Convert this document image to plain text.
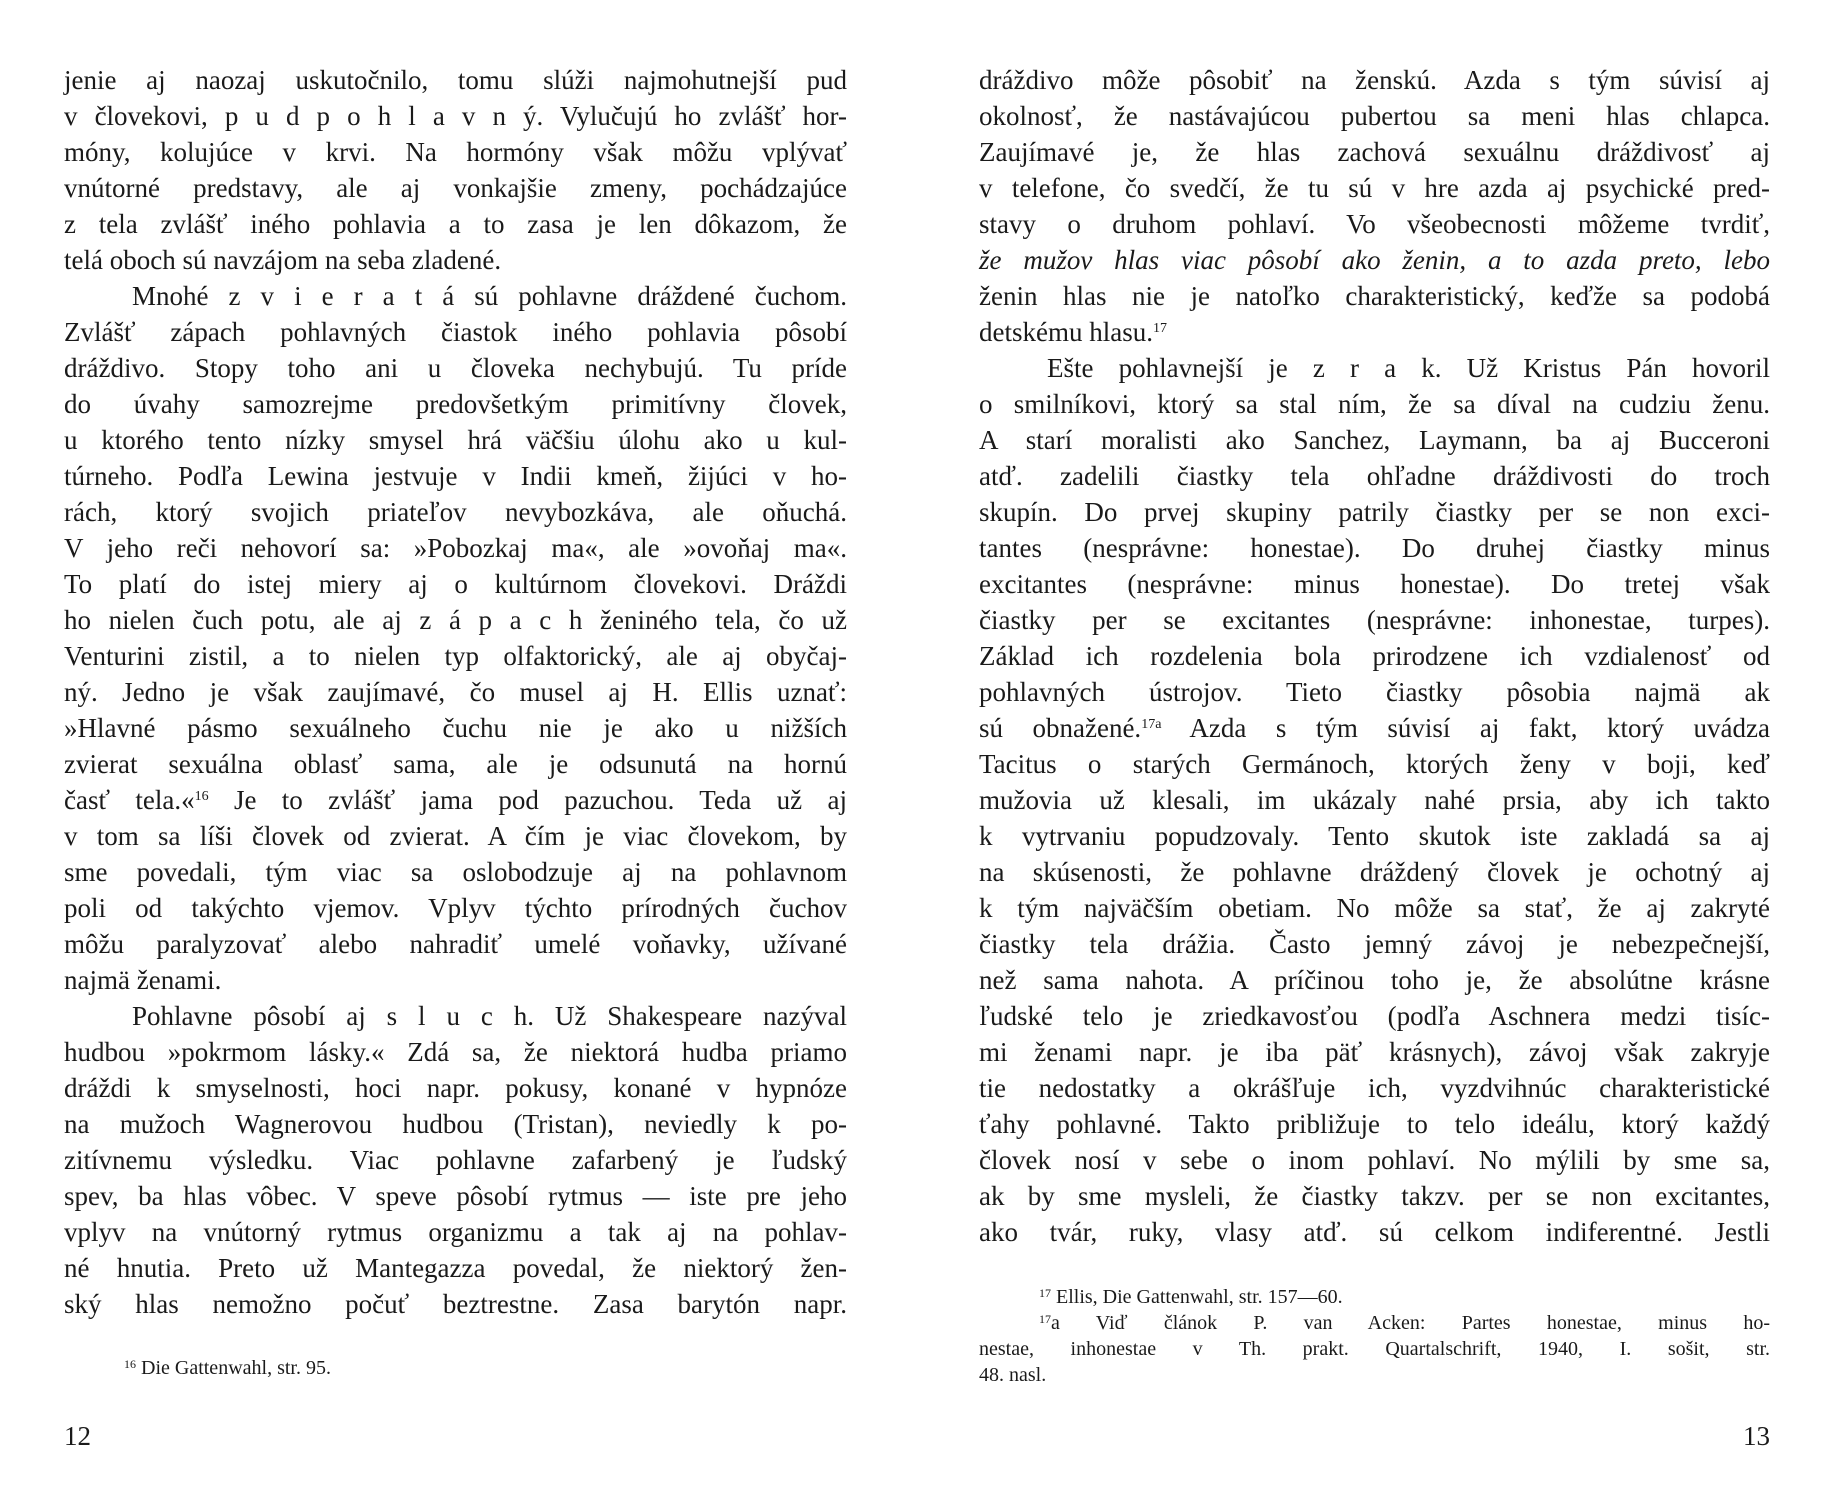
jenie aj naozaj uskutočnilo, tomu slúži najmohutnejší pud
v človekovi, p u d p o h l a v n ý. Vylučujú ho zvlášť hor-
móny, kolujúce v krvi. Na hormóny však môžu vplývať
vnútorné predstavy, ale aj vonkajšie zmeny, pochádzajúce
z tela zvlášť iného pohlavia a to zasa je len dôkazom, že
telá oboch sú navzájom na seba zladené.
Mnohé z v i e r a t á sú pohlavne dráždené čuchom.
Zvlášť zápach pohlavných čiastok iného pohlavia pôsobí
dráždivo. Stopy toho ani u človeka nechybujú. Tu príde
do úvahy samozrejme predovšetkým primitívny človek,
u ktorého tento nízky smysel hrá väčšiu úlohu ako u kul-
túrneho. Podľa Lewina jestvuje v Indii kmeň, žijúci v ho-
rách, ktorý svojich priateľov nevybozkáva, ale oňuchá.
V jeho reči nehovorí sa: »Pobozkaj ma«, ale »ovoňaj ma«.
To platí do istej miery aj o kultúrnom človekovi. Dráždi
ho nielen čuch potu, ale aj z á p a c h ženiného tela, čo už
Venturini zistil, a to nielen typ olfaktorický, ale aj obyčaj-
ný. Jedno je však zaujímavé, čo musel aj H. Ellis uznať:
»Hlavné pásmo sexuálneho čuchu nie je ako u nižších
zvierat sexuálna oblasť sama, ale je odsunutá na hornú
časť tela.«$^{16}$ Je to zvlášť jama pod pazuchou. Teda už aj
v tom sa líši človek od zvierat. A čím je viac človekom, by
sme povedali, tým viac sa oslobodzuje aj na pohlavnom
poli od takýchto vjemov. Vplyv týchto prírodných čuchov
môžu paralyzovať alebo nahradiť umelé voňavky, užívané
najmä ženami.
Pohlavne pôsobí aj s l u c h. Už Shakespeare nazýval
hudbou »pokrmom lásky.« Zdá sa, že niektorá hudba priamo
dráždi k smyselnosti, hoci napr. pokusy, konané v hypnóze
na mužoch Wagnerovou hudbou (Tristan), neviedly k po-
zitívnemu výsledku. Viac pohlavne zafarbený je ľudský
spev, ba hlas vôbec. V speve pôsobí rytmus — iste pre jeho
vplyv na vnútorný rytmus organizmu a tak aj na pohlav-
né hnutia. Preto už Mantegazza povedal, že niektorý žen-
ský hlas nemožno počuť beztrestne. Zasa barytón napr.
$^{16}$ Die Gattenwahl, str. 95.
12
dráždivo môže pôsobiť na ženskú. Azda s tým súvisí aj
okolnosť, že nastávajúcou pubertou sa meni hlas chlapca.
Zaujímavé je, že hlas zachová sexuálnu dráždivosť aj
v telefone, čo svedčí, že tu sú v hre azda aj psychické pred-
stavy o druhom pohlaví. Vo všeobecnosti môžeme tvrdiť,
že mužov hlas viac pôsobí ako ženin, a to azda preto, lebo
ženin hlas nie je natoľko charakteristický, keďže sa podobá
detskému hlasu.$^{17}$
Ešte pohlavnejší je z r a k. Už Kristus Pán hovoril
o smilníkovi, ktorý sa stal ním, že sa díval na cudziu ženu.
A starí moralisti ako Sanchez, Laymann, ba aj Bucceroni
atď. zadelili čiastky tela ohľadne dráždivosti do troch
skupín. Do prvej skupiny patrily čiastky per se non exci-
tantes (nesprávne: honestae). Do druhej čiastky minus
excitantes (nesprávne: minus honestae). Do tretej však
čiastky per se excitantes (nesprávne: inhonestae, turpes).
Základ ich rozdelenia bola prirodzene ich vzdialenosť od
pohlavných ústrojov. Tieto čiastky pôsobia najmä ak
sú obnažené.$^{17a}$ Azda s tým súvisí aj fakt, ktorý uvádza
Tacitus o starých Germánoch, ktorých ženy v boji, keď
mužovia už klesali, im ukázaly nahé prsia, aby ich takto
k vytrvaniu popudzovaly. Tento skutok iste zakladá sa aj
na skúsenosti, že pohlavne dráždený človek je ochotný aj
k tým najväčším obetiam. No môže sa stať, že aj zakryté
čiastky tela drážia. Často jemný závoj je nebezpečnejší,
než sama nahota. A príčinou toho je, že absolútne krásne
ľudské telo je zriedkavosťou (podľa Aschnera medzi tisíc-
mi ženami napr. je iba päť krásnych), závoj však zakryje
tie nedostatky a okrášľuje ich, vyzdvihnúc charakteristické
ťahy pohlavné. Takto približuje to telo ideálu, ktorý každý
človek nosí v sebe o inom pohlaví. No mýlili by sme sa,
ak by sme mysleli, že čiastky takzv. per se non excitantes,
ako tvár, ruky, vlasy atď. sú celkom indiferentné. Jestli
$^{17}$ Ellis, Die Gattenwahl, str. 157—60.
$^{17}$a Viď článok P. van Acken: Partes honestae, minus ho-
nestae, inhonestae v Th. prakt. Quartalschrift, 1940, I. sošit, str.
48. nasl.
13
